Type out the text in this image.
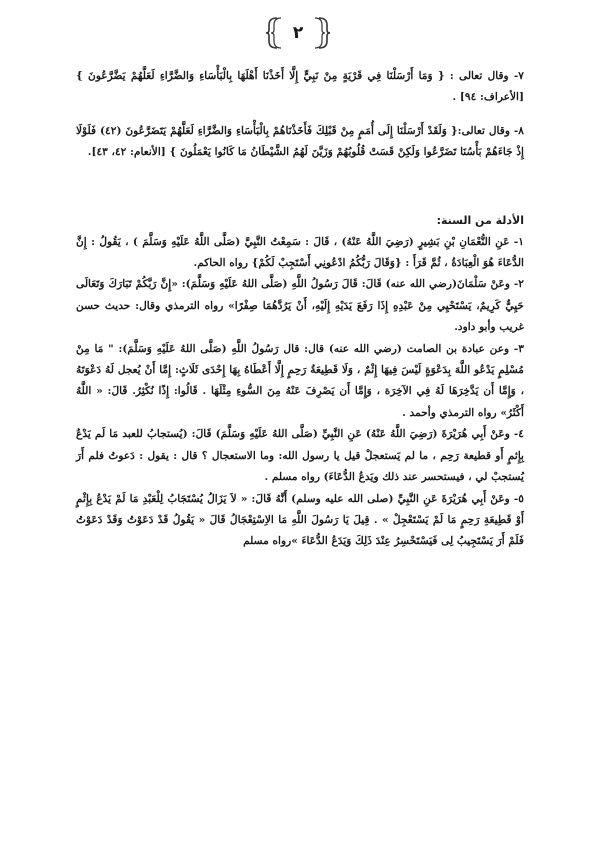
٢

٧- وقال تعالى : { وَمَا أَرْسَلْنَا فِي قَرْيَةٍ مِنْ نَبِيٍّ إِلَّا أَخَذْنَا أَهْلَهَا بِالْبَأْسَاءِ وَالضَّرَّاءِ لَعَلَّهُمْ يَضَّرَّعُونَ } [الأعراف: ٩٤] .

٨- وقال تعالى:{ وَلَقَدْ أَرْسَلْنَا إِلَى أُمَمٍ مِنْ قَبْلِكَ فَأَخَذْنَاهُمْ بِالْبَأْسَاءِ وَالضَّرَّاءِ لَعَلَّهُمْ يَتَضَرَّعُونَ (٤٢) فَلَوْلَا إِذْ جَاءَهُمْ بَأْسُنَا تَضَرَّعُوا وَلَكِنْ قَسَتْ قُلُوبُهُمْ وَزَيَّنَ لَهُمُ الشَّيْطَانُ مَا كَانُوا يَعْمَلُونَ } [الأنعام: ٤٢، ٤٣].

الأدلة من السنة:

١- عَنِ النُّعْمَانِ بْنِ بَشِيرٍ (رَضِيَ اللَّهُ عَنْهُ) ، قَالَ : سَمِعْتُ النَّبِيَّ (صَلَّى اللَّهُ عَلَيْهِ وَسَلَّمَ ) ، يَقُولُ : إِنَّ الدُّعَاءَ هُوَ الْعِبَادَةُ ، ثُمَّ قَرَأَ : {وَقَالَ رَبُّكُمُ ادْعُونِي أَسْتَجِبْ لَكُمْ} رواه الحاكم.

٢- وعَنْ سَلْمَانَ(رضي الله عنه) قَالَ: قَالَ رَسُولُ اللَّهِ (صَلَّى اللهُ عَلَيْهِ وَسَلَّمَ): «إِنَّ رَبَّكُمْ تَبَارَكَ وَتَعَالَى حَيِيٌّ كَرِيمٌ، يَسْتَحْيِي مِنْ عَبْدِهِ إِذَا رَفَعَ يَدَيْهِ إِلَيْهِ، أَنْ يَرُدَّهُمَا صِفْرًا» رواه الترمذي وقال: حديث حسن غريب وأبو داود.

٣- وعن عبادة بن الصامت (رضي الله عنه) قال: قال رَسُولُ اللَّهِ (صَلَّى اللهُ عَلَيْهِ وَسَلَّمَ): " مَا مِنْ مُسْلِمٍ يَدْعُو اللَّهَ بِدَعْوَةٍ لَيْسَ فِيهَا إِثْمٌ ، وَلَا قَطِيعَةُ رَحِمٍ إِلَّا أَعْطَاهُ بِهَا إِحْدَى ثَلَاثٍ: إِمَّا أَنْ يُعجل لَهُ دَعْوَتَهُ ، وَإِمَّا أَن يَدَّخِرَهَا لَهُ فِي الآخِرَة ، وَإِمَّا أَن يَصْرِفَ عَنْهُ مِنَ السُّوءِ مِثْلَهَا . قَالُوا: إِذًا نُكْثِرُ. قَالَ: « اللَّهُ أَكْثَرُ» رواه الترمذي وأحمد .

٤- وعَنْ أَبِي هُرَيْرَةَ (رَضِيَ اللَّهُ عَنْهُ) عَنِ النَّبِيِّ (صَلَّى اللهُ عَلَيْهِ وَسَلَّمَ) قَالَ: (يُستجابُ للعبد مَا لَم يَدْعُ بِإِثمٍ أَو قطيعة رَحِم ، ما لم يَستعجلْ قيل يا رسول الله: وما الاستعجال ؟ قال : يقول : دَعوتُ فلم أَرَ يُستجبْ لي ، فيستحسر عند ذلك ويَدعُ الدُّعَاءَ) رواه مسلم .

٥- وعَنْ أَبِي هُرَيْرَةَ عَنِ النَّبِيِّ (صلى الله عليه وسلم) أَنَّهُ قَالَ: « لاَ يَزَالُ يُسْتَجَابُ لِلْعَبْدِ مَا لَمْ يَدْعُ بِإِثْمٍ أَوْ قَطِيعَةِ رَحِمٍ مَا لَمْ يَسْتَعْجِلْ » . قِيلَ يَا رَسُولَ اللَّهِ مَا الاِسْتِعْجَالُ قَالَ « يَقُولُ قَدْ دَعَوْتُ وَقَدْ دَعَوْتُ فَلَمْ أَرَ يَسْتَجِيبُ لِى فَيَسْتَحْسِرُ عِنْدَ ذَلِكَ وَيَدَعُ الدُّعَاءَ »رواه مسلم
